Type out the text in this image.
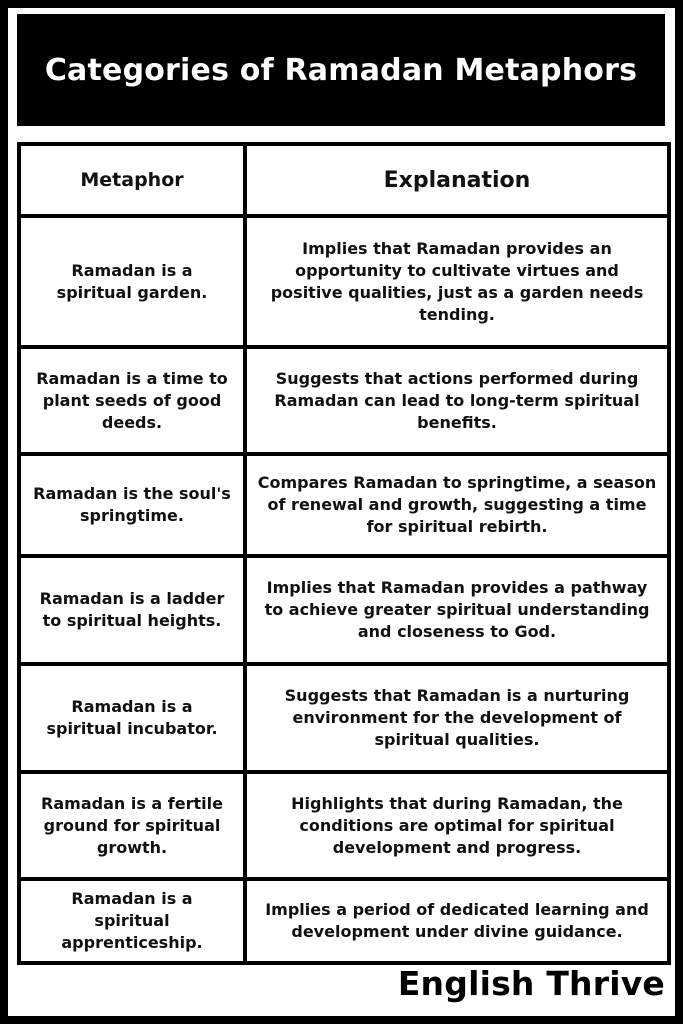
Categories of Ramadan Metaphors
Metaphor	Explanation
Ramadan is a spiritual garden.	Implies that Ramadan provides an opportunity to cultivate virtues and positive qualities, just as a garden needs tending.
Ramadan is a time to plant seeds of good deeds.	Suggests that actions performed during Ramadan can lead to long-term spiritual benefits.
Ramadan is the soul's springtime.	Compares Ramadan to springtime, a season of renewal and growth, suggesting a time for spiritual rebirth.
Ramadan is a ladder to spiritual heights.	Implies that Ramadan provides a pathway to achieve greater spiritual understanding and closeness to God.
Ramadan is a spiritual incubator.	Suggests that Ramadan is a nurturing environment for the development of spiritual qualities.
Ramadan is a fertile ground for spiritual growth.	Highlights that during Ramadan, the conditions are optimal for spiritual development and progress.
Ramadan is a spiritual apprenticeship.	Implies a period of dedicated learning and development under divine guidance.
English Thrive
